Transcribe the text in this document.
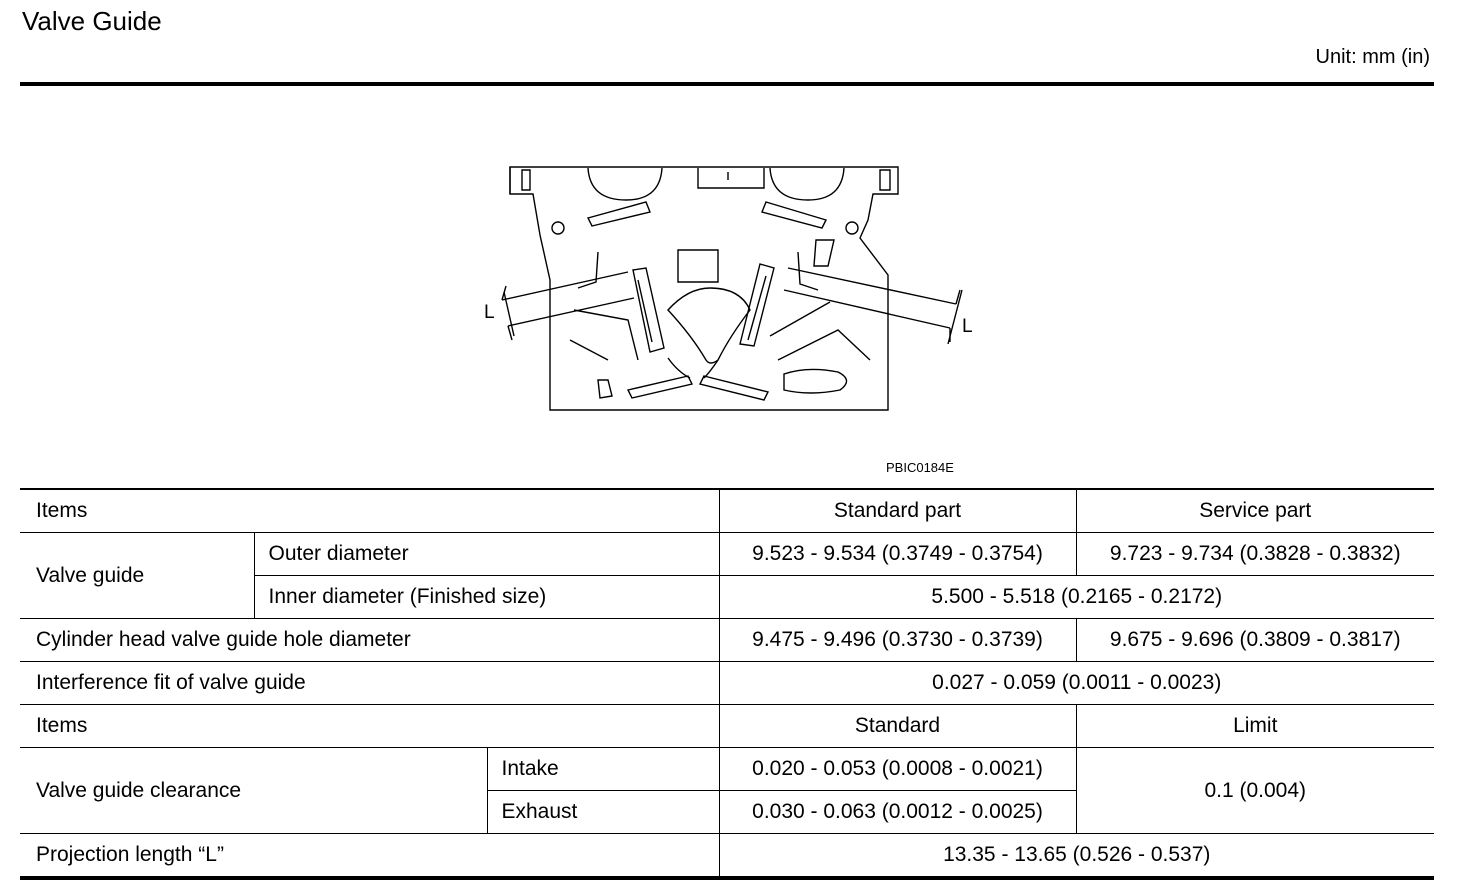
Valve Guide
Unit: mm (in)
L
L
PBIC0184E
Items			Standard part	Service part
Valve guide	Outer diameter		9.523 - 9.534 (0.3749 - 0.3754)	9.723 - 9.734 (0.3828 - 0.3832)
	Inner diameter (Finished size)		5.500 - 5.518 (0.2165 - 0.2172)	
Cylinder head valve guide hole diameter			9.475 - 9.496 (0.3730 - 0.3739)	9.675 - 9.696 (0.3809 - 0.3817)
Interference fit of valve guide			0.027 - 0.059 (0.0011 - 0.0023)	
Items			Standard	Limit
Valve guide clearance		Intake	0.020 - 0.053 (0.0008 - 0.0021)	0.1 (0.004)
		Exhaust	0.030 - 0.063 (0.0012 - 0.0025)	
Projection length “L”			13.35 - 13.65 (0.526 - 0.537)	
